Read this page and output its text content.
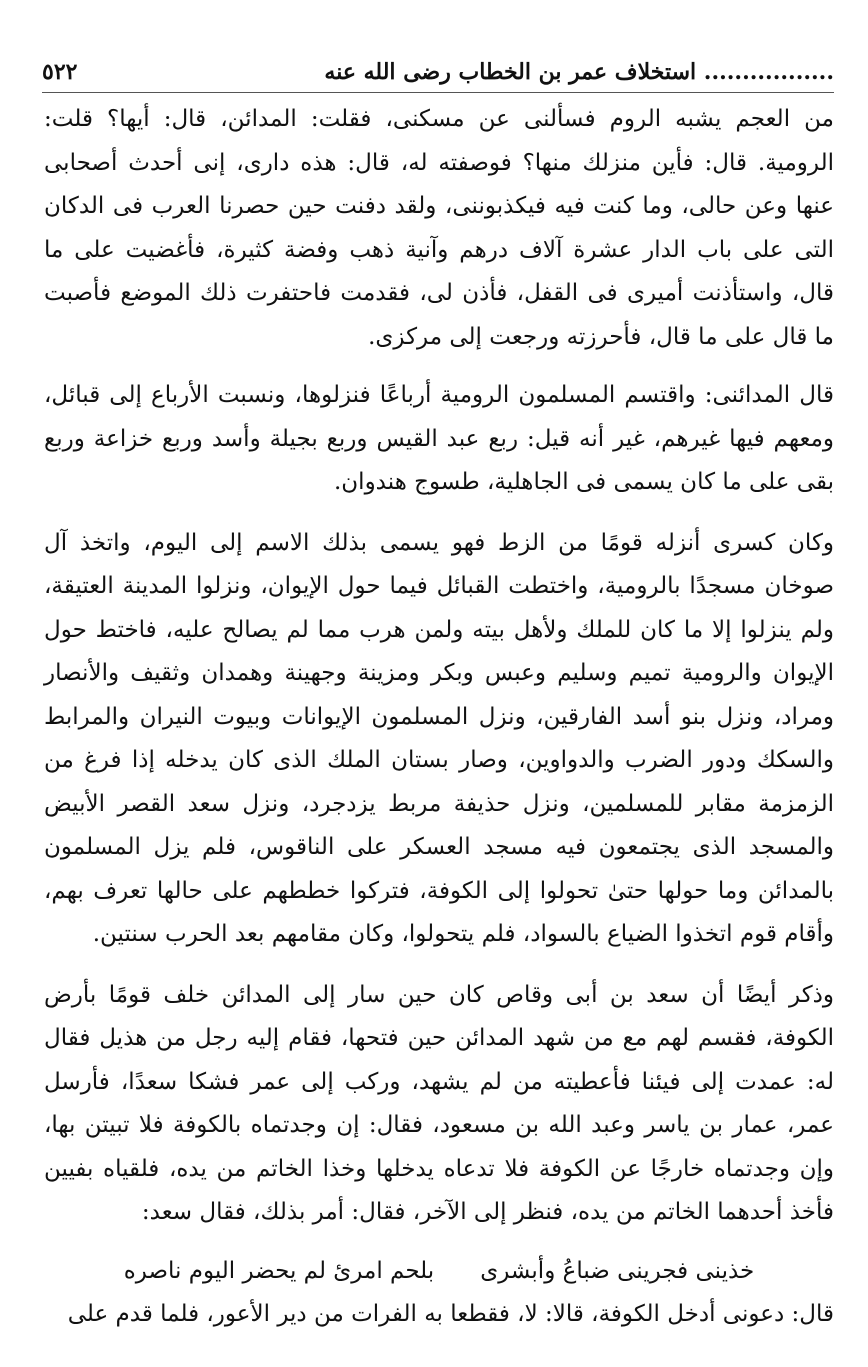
................. استخلاف عمر بن الخطاب رضى الله عنه
٥٢٢

من العجم يشبه الروم فسألنى عن مسكنى، فقلت: المدائن، قال: أيها؟ قلت: الرومية. قال: فأين منزلك منها؟ فوصفته له، قال: هذه دارى، إنى أحدث أصحابى عنها وعن حالى، وما كنت فيه فيكذبوننى، ولقد دفنت حين حصرنا العرب فى الدكان التى على باب الدار عشرة آلاف درهم وآنية ذهب وفضة كثيرة، فأغضيت على ما قال، واستأذنت أميرى فى القفل، فأذن لى، فقدمت فاحتفرت ذلك الموضع فأصبت ما قال على ما قال، فأحرزته ورجعت إلى مركزى.

قال المدائنى: واقتسم المسلمون الرومية أرباعًا فنزلوها، ونسبت الأرباع إلى قبائل، ومعهم فيها غيرهم، غير أنه قيل: ربع عبد القيس وربع بجيلة وأسد وربع خزاعة وربع بقى على ما كان يسمى فى الجاهلية، طسوج هندوان.

وكان كسرى أنزله قومًا من الزط فهو يسمى بذلك الاسم إلى اليوم، واتخذ آل صوخان مسجدًا بالرومية، واختطت القبائل فيما حول الإيوان، ونزلوا المدينة العتيقة، ولم ينزلوا إلا ما كان للملك ولأهل بيته ولمن هرب مما لم يصالح عليه، فاختط حول الإيوان والرومية تميم وسليم وعبس وبكر ومزينة وجهينة وهمدان وثقيف والأنصار ومراد، ونزل بنو أسد الفارقين، ونزل المسلمون الإيوانات وبيوت النيران والمرابط والسكك ودور الضرب والدواوين، وصار بستان الملك الذى كان يدخله إذا فرغ من الزمزمة مقابر للمسلمين، ونزل حذيفة مربط يزدجرد، ونزل سعد القصر الأبيض والمسجد الذى يجتمعون فيه مسجد العسكر على الناقوس، فلم يزل المسلمون بالمدائن وما حولها حتىٰ تحولوا إلى الكوفة، فتركوا خططهم على حالها تعرف بهم، وأقام قوم اتخذوا الضياع بالسواد، فلم يتحولوا، وكان مقامهم بعد الحرب سنتين.

وذكر أيضًا أن سعد بن أبى وقاص كان حين سار إلى المدائن خلف قومًا بأرض الكوفة، فقسم لهم مع من شهد المدائن حين فتحها، فقام إليه رجل من هذيل فقال له: عمدت إلى فيئنا فأعطيته من لم يشهد، وركب إلى عمر فشكا سعدًا، فأرسل عمر، عمار بن ياسر وعبد الله بن مسعود، فقال: إن وجدتماه بالكوفة فلا تبيتن بها، وإن وجدتماه خارجًا عن الكوفة فلا تدعاه يدخلها وخذا الخاتم من يده، فلقياه بفيين فأخذ أحدهما الخاتم من يده، فنظر إلى الآخر، فقال: أمر بذلك، فقال سعد:

خذينى فجرينى ضباعُ وأبشرى
بلحم امرئ لم يحضر اليوم ناصره

قال: دعونى أدخل الكوفة، قالا: لا، فقطعا به الفرات من دير الأعور، فلما قدم على
